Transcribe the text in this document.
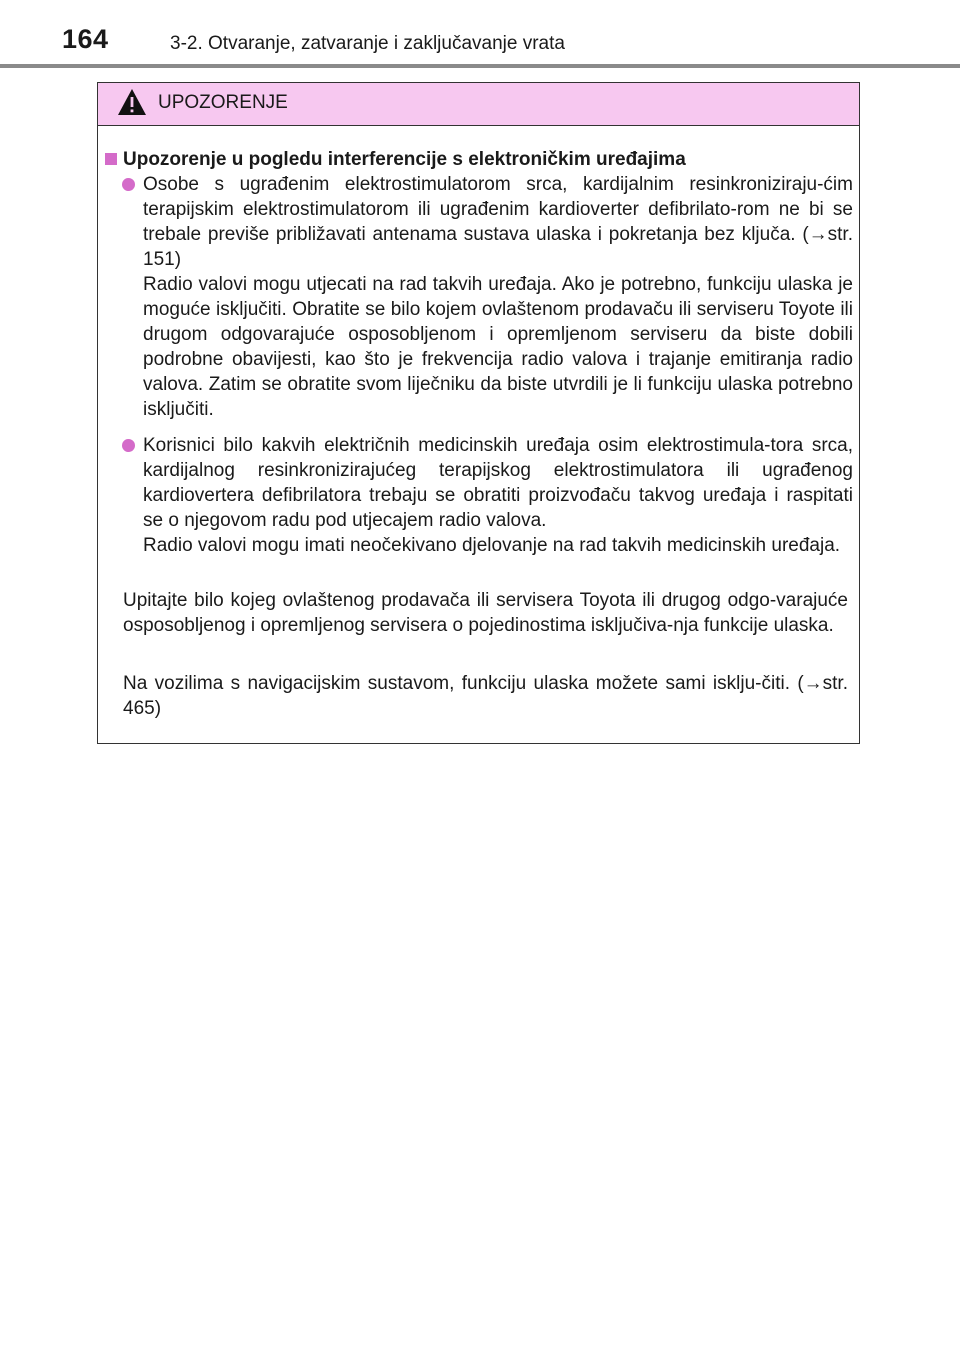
164	3-2. Otvaranje, zatvaranje i zaključavanje vrata
UPOZORENJE
Upozorenje u pogledu interferencije s elektroničkim uređajima
Osobe s ugrađenim elektrostimulatorom srca, kardijalnim resinkroniziraju-ćim terapijskim elektrostimulatorom ili ugrađenim kardioverter defibrilato-rom ne bi se trebale previše približavati antenama sustava ulaska i pokretanja bez ključa. (→str. 151)
Radio valovi mogu utjecati na rad takvih uređaja. Ako je potrebno, funkciju ulaska je moguće isključiti. Obratite se bilo kojem ovlaštenom prodavaču ili serviseru Toyote ili drugom odgovarajuće osposobljenom i opremljenom serviseru da biste dobili podrobne obavijesti, kao što je frekvencija radio valova i trajanje emitiranja radio valova. Zatim se obratite svom liječniku da biste utvrdili je li funkciju ulaska potrebno isključiti.
Korisnici bilo kakvih električnih medicinskih uređaja osim elektrostimula-tora srca, kardijalnog resinkronizirajućeg terapijskog elektrostimulatora ili ugrađenog kardiovertera defibrilatora trebaju se obratiti proizvođaču takvog uređaja i raspitati se o njegovom radu pod utjecajem radio valova.
Radio valovi mogu imati neočekivano djelovanje na rad takvih medicinskih uređaja.
Upitajte bilo kojeg ovlaštenog prodavača ili servisera Toyota ili drugog odgo-varajuće osposobljenog i opremljenog servisera o pojedinostima isključiva-nja funkcije ulaska.
Na vozilima s navigacijskim sustavom, funkciju ulaska možete sami isklju-čiti. (→str. 465)
